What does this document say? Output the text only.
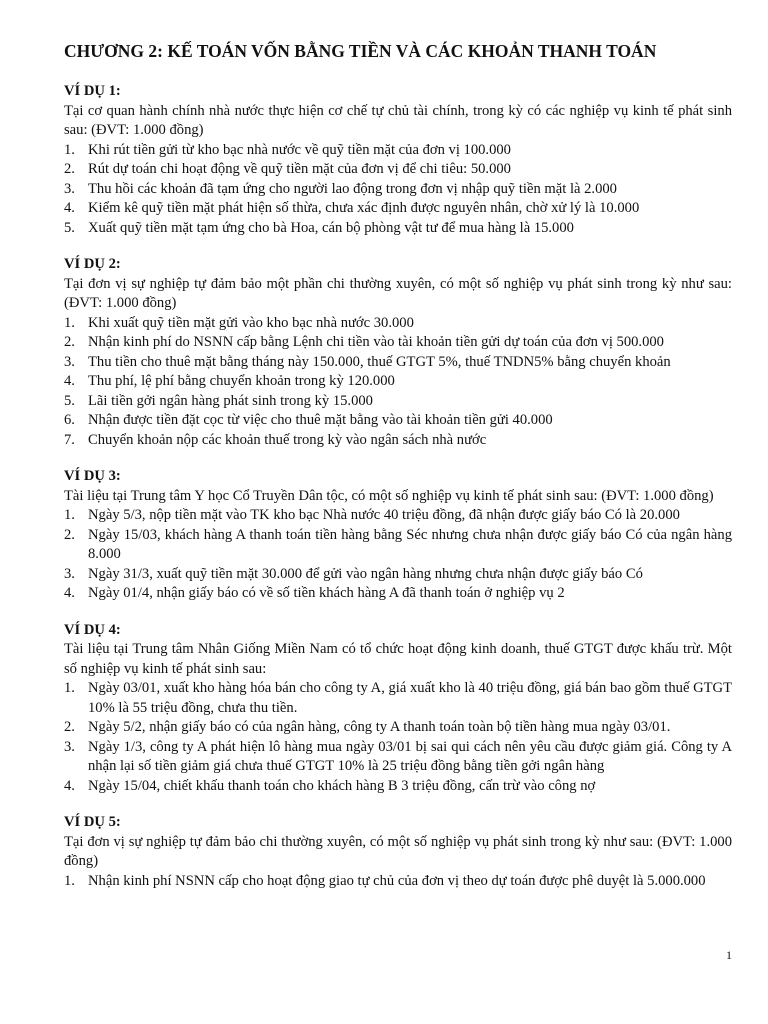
CHƯƠNG 2: KẾ TOÁN VỐN BẰNG TIỀN VÀ CÁC KHOẢN THANH TOÁN

VÍ DỤ 1:

Tại cơ quan hành chính nhà nước thực hiện cơ chế tự chủ tài chính, trong kỳ có các nghiệp vụ kinh tế phát sinh sau: (ĐVT: 1.000 đồng)

1. Khi rút tiền gửi từ kho bạc nhà nước về quỹ tiền mặt của đơn vị 100.000
2. Rút dự toán chi hoạt động về quỹ tiền mặt của đơn vị để chi tiêu: 50.000
3. Thu hồi các khoản đã tạm ứng cho người lao động trong đơn vị nhập quỹ tiền mặt là 2.000
4. Kiểm kê quỹ tiền mặt phát hiện số thừa, chưa xác định được nguyên nhân, chờ xử lý là 10.000
5. Xuất quỹ tiền mặt tạm ứng cho bà Hoa, cán bộ phòng vật tư để mua hàng là 15.000

VÍ DỤ 2:

Tại đơn vị sự nghiệp tự đảm bảo một phần chi thường xuyên, có một số nghiệp vụ phát sinh trong kỳ như sau: (ĐVT: 1.000 đồng)

1. Khi xuất quỹ tiền mặt gửi vào kho bạc nhà nước 30.000
2. Nhận kinh phí do NSNN cấp bằng Lệnh chi tiền vào tài khoản tiền gửi dự toán của đơn vị 500.000
3. Thu tiền cho thuê mặt bằng tháng này 150.000, thuế GTGT 5%, thuế TNDN5% bằng chuyển khoản
4. Thu phí, lệ phí bằng chuyển khoản trong kỳ 120.000
5. Lãi tiền gởi ngân hàng phát sinh trong kỳ 15.000
6. Nhận được tiền đặt cọc từ việc cho thuê mặt bằng vào tài khoản tiền gửi 40.000
7. Chuyển khoản nộp các khoản thuế trong kỳ vào ngân sách nhà nước

VÍ DỤ 3:

Tài liệu tại Trung tâm Y học Cổ Truyền Dân tộc, có một số nghiệp vụ kinh tế phát sinh sau: (ĐVT: 1.000 đồng)

1. Ngày 5/3, nộp tiền mặt vào TK kho bạc Nhà nước 40 triệu đồng, đã nhận được giấy báo Có là 20.000
2. Ngày 15/03, khách hàng A thanh toán tiền hàng bằng Séc nhưng chưa nhận được giấy báo Có của ngân hàng 8.000
3. Ngày 31/3, xuất quỹ tiền mặt 30.000 để gửi vào ngân hàng nhưng chưa nhận được giấy báo Có
4. Ngày 01/4, nhận giấy báo có về số tiền khách hàng A đã thanh toán ở nghiệp vụ 2

VÍ DỤ 4:

Tài liệu tại Trung tâm Nhân Giống Miền Nam có tổ chức hoạt động kinh doanh, thuế GTGT được khấu trừ. Một số nghiệp vụ kinh tế phát sinh sau:

1. Ngày 03/01, xuất kho hàng hóa bán cho công ty A, giá xuất kho là 40 triệu đồng, giá bán bao gồm thuế GTGT 10% là 55 triệu đồng, chưa thu tiền.
2. Ngày 5/2, nhận giấy báo có của ngân hàng, công ty A thanh toán toàn bộ tiền hàng mua ngày 03/01.
3. Ngày 1/3, công ty A phát hiện lô hàng mua ngày 03/01 bị sai qui cách nên yêu cầu được giảm giá. Công ty A nhận lại số tiền giảm giá chưa thuế GTGT 10% là 25 triệu đồng bằng tiền gởi ngân hàng
4. Ngày 15/04, chiết khấu thanh toán cho khách hàng B 3 triệu đồng, cấn trừ vào công nợ

VÍ DỤ 5:

Tại đơn vị sự nghiệp tự đảm bảo chi thường xuyên, có một số nghiệp vụ phát sinh trong kỳ như sau: (ĐVT: 1.000 đồng)

1. Nhận kinh phí NSNN cấp cho hoạt động giao tự chủ của đơn vị theo dự toán được phê duyệt là 5.000.000
1
